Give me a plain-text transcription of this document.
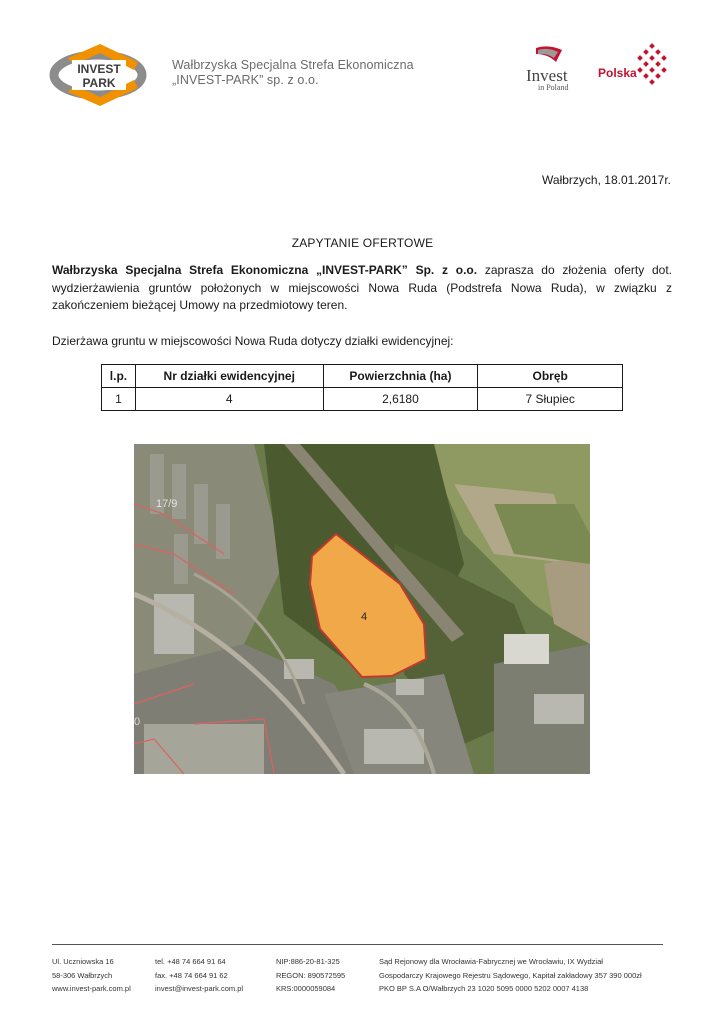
INVEST
PARK
Wałbrzyska Specjalna Strefa Ekonomiczna
„INVEST-PARK” sp. z o.o.	Invest
in Poland
Polska
Wałbrzych, 18.01.2017r.
ZAPYTANIE OFERTOWE
Wałbrzyska Specjalna Strefa Ekonomiczna „INVEST-PARK” Sp. z o.o. zaprasza do złożenia oferty dot. wydzierżawienia gruntów położonych w miejscowości Nowa Ruda (Podstrefa Nowa Ruda), w związku z zakończeniem bieżącej Umowy na przedmiotowy teren.
Dzierżawa gruntu w miejscowości Nowa Ruda dotyczy działki ewidencyjnej:
l.p.	Nr działki ewidencyjnej	Powierzchnia (ha)	Obręb
1	4	2,6180	7 Słupiec
17/9
4
0
Ul. Uczniowska 16
58-306 Wałbrzych
www.invest-park.com.pl
tel. +48 74 664 91 64
fax. +48 74 664 91 62
invest@invest-park.com.pl
NIP:886-20-81-325
REGON: 890572595
KRS:0000059084
Sąd Rejonowy dla Wrocławia-Fabrycznej we Wrocławiu, IX Wydział
Gospodarczy Krajowego Rejestru Sądowego, Kapitał zakładowy 357 390 000zł
PKO BP S.A O/Wałbrzych 23 1020 5095 0000 5202 0007 4138
